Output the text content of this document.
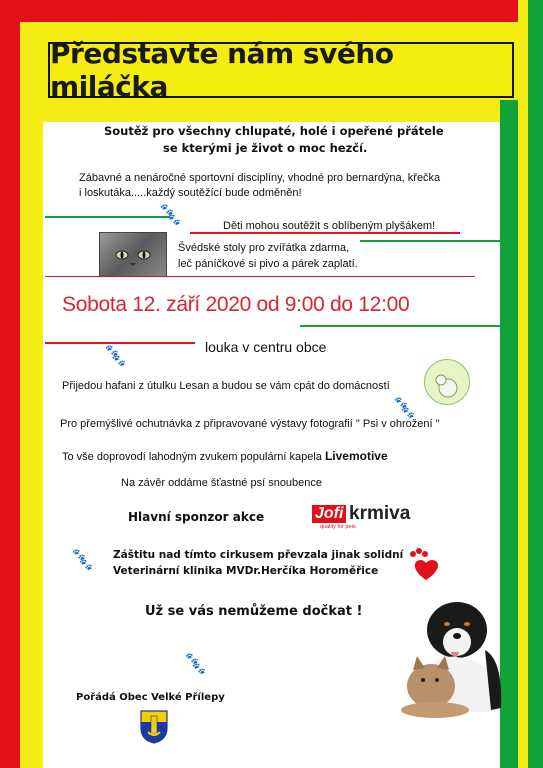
Představte nám svého miláčka
Soutěž pro všechny chlupaté, holé i opeřené přátele
se kterými je život o moc hezčí.
Zábavné a nenáročné sportovní disciplíny, vhodné pro bernardýna, křečka
i loskutáka.....každý soutěžící bude odměněn!
🐾
🐾	Děti mohou soutěžit s oblíbeným plyšákem!
Švédské stoly pro zvířátka zdarma,
leč páníčkové si pivo a párek zaplatí.
Sobota 12. září 2020 od 9:00 do 12:00
🐾
🐾
louka v centru obce
Přijedou hafani z útulku Lesan a budou se vám cpát do domácností
🐾
🐾
Pro přemýšlivé ochutnávka z připravované výstavy fotografií " Psi v ohrožení "
To vše doprovodí lahodným zvukem populární kapela Livemotive
Na závěr oddáme šťastné psí snoubence
Hlavní sponzor akce	Jofi krmiva
quality for pets
🐾
🐾
Záštitu nad tímto cirkusem převzala jinak solidní
Veterinární klinika MVDr.Herčíka Horoměřice
Už se vás nemůžeme dočkat !
🐾
🐾
Pořádá Obec Velké Přílepy
